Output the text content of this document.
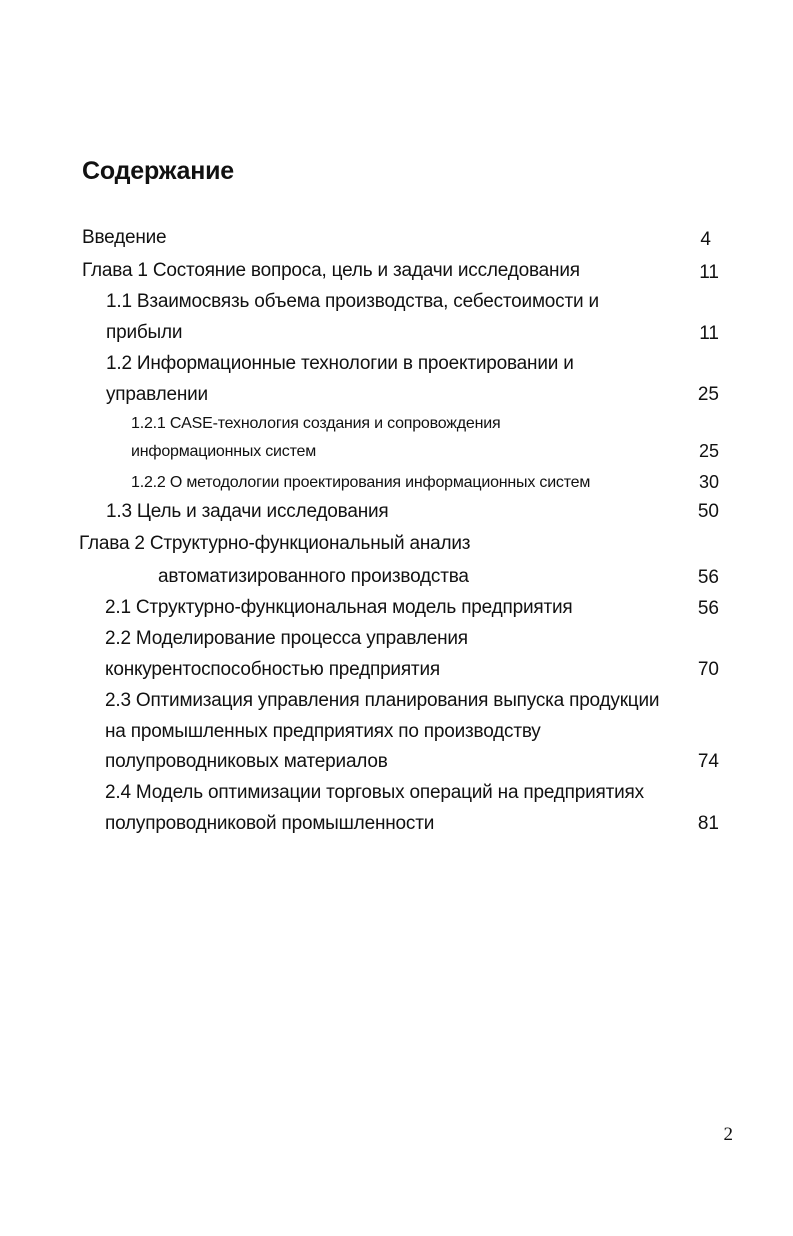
Содержание
Введение	4
Глава 1 Состояние вопроса, цель и задачи исследования	11
1.1 Взаимосвязь объема производства, себестоимости и
прибыли	11
1.2 Информационные технологии в проектировании и
управлении	25
1.2.1 CASE-технология создания и сопровождения
информационных систем	25
1.2.2 О методологии проектирования информационных систем	30
1.3 Цель и задачи исследования	50
Глава 2 Структурно-функциональный анализ
автоматизированного производства	56
2.1 Структурно-функциональная модель предприятия	56
2.2 Моделирование процесса управления
конкурентоспособностью предприятия	70
2.3 Оптимизация управления планирования выпуска продукции
на промышленных предприятиях по производству
полупроводниковых материалов	74
2.4 Модель оптимизации торговых операций на предприятиях
полупроводниковой промышленности	81
2
